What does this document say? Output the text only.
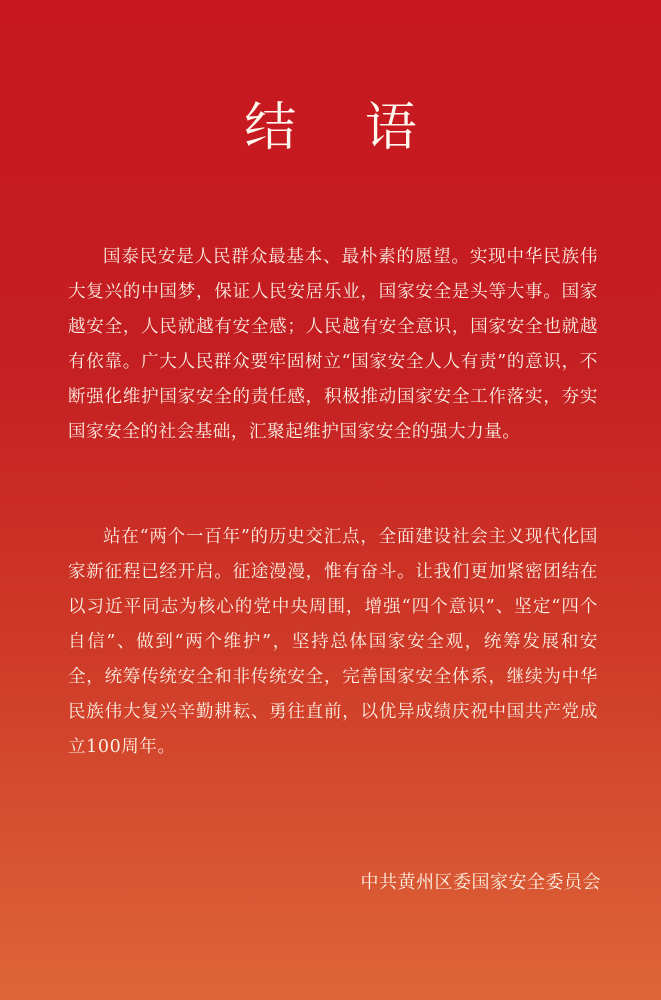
结 语

国泰民安是人民群众最基本、最朴素的愿望。实现中华民族伟大复兴的中国梦，保证人民安居乐业，国家安全是头等大事。国家越安全，人民就越有安全感；人民越有安全意识，国家安全也就越有依靠。广大人民群众要牢固树立“国家安全人人有责”的意识，不断强化维护国家安全的责任感，积极推动国家安全工作落实，夯实国家安全的社会基础，汇聚起维护国家安全的强大力量。

站在“两个一百年”的历史交汇点，全面建设社会主义现代化国家新征程已经开启。征途漫漫，惟有奋斗。让我们更加紧密团结在以习近平同志为核心的党中央周围，增强“四个意识”、坚定“四个自信”、做到“两个维护”，坚持总体国家安全观，统筹发展和安全，统筹传统安全和非传统安全，完善国家安全体系，继续为中华民族伟大复兴辛勤耕耘、勇往直前，以优异成绩庆祝中国共产党成立100周年。

中共黄州区委国家安全委员会
